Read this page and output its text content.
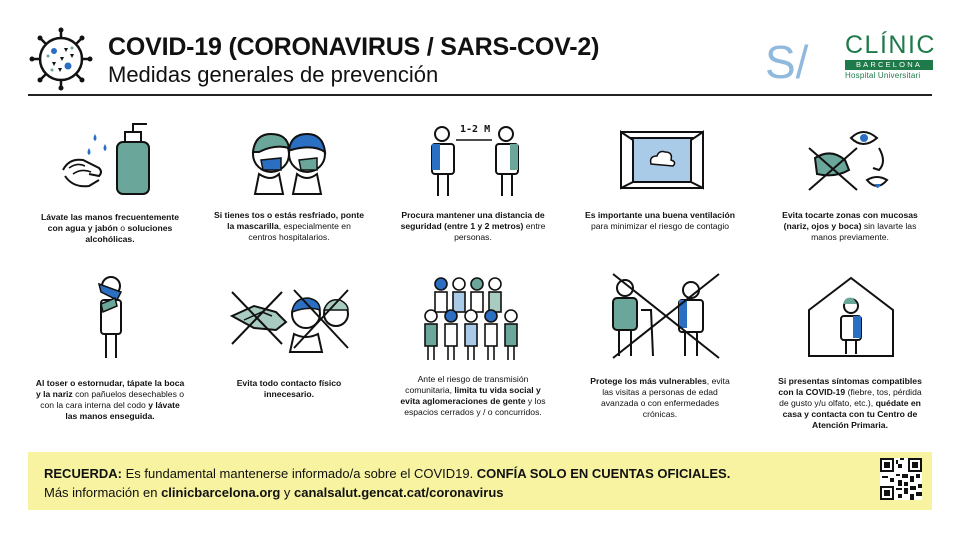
COVID-19 (CORONAVIRUS / SARS-COV-2)
Medidas generales de prevención	S/ CLÍNIC
BARCELONA
Hospital Universitari
Lávate las manos frecuentemente con agua y jabón o soluciones alcohólicas.
Si tienes tos o estás resfriado, ponte la mascarilla, especialmente en centros hospitalarios.
1-2 M
Procura mantener una distancia de seguridad (entre 1 y 2 metros) entre personas.
Es importante una buena ventilación para minimizar el riesgo de contagio
Evita tocarte zonas con mucosas (nariz, ojos y boca) sin lavarte las manos previamente.
Al toser o estornudar, tápate la boca y la nariz con pañuelos desechables o con la cara interna del codo y lávate las manos enseguida.
Evita todo contacto físico innecesario.
Ante el riesgo de transmisión comunitaria, limita tu vida social y evita aglomeraciones de gente y los espacios cerrados y / o concurridos.
Protege los más vulnerables, evita las visitas a personas de edad avanzada o con enfermedades crónicas.
Si presentas síntomas compatibles con la COVID-19 (fiebre, tos, pérdida de gusto y/u olfato, etc.), quédate en casa y contacta con tu Centro de Atención Primaria.
RECUERDA: Es fundamental mantenerse informado/a sobre el COVID19. CONFÍA SOLO EN CUENTAS OFICIALES.
Más información en clinicbarcelona.org y canalsalut.gencat.cat/coronavirus
